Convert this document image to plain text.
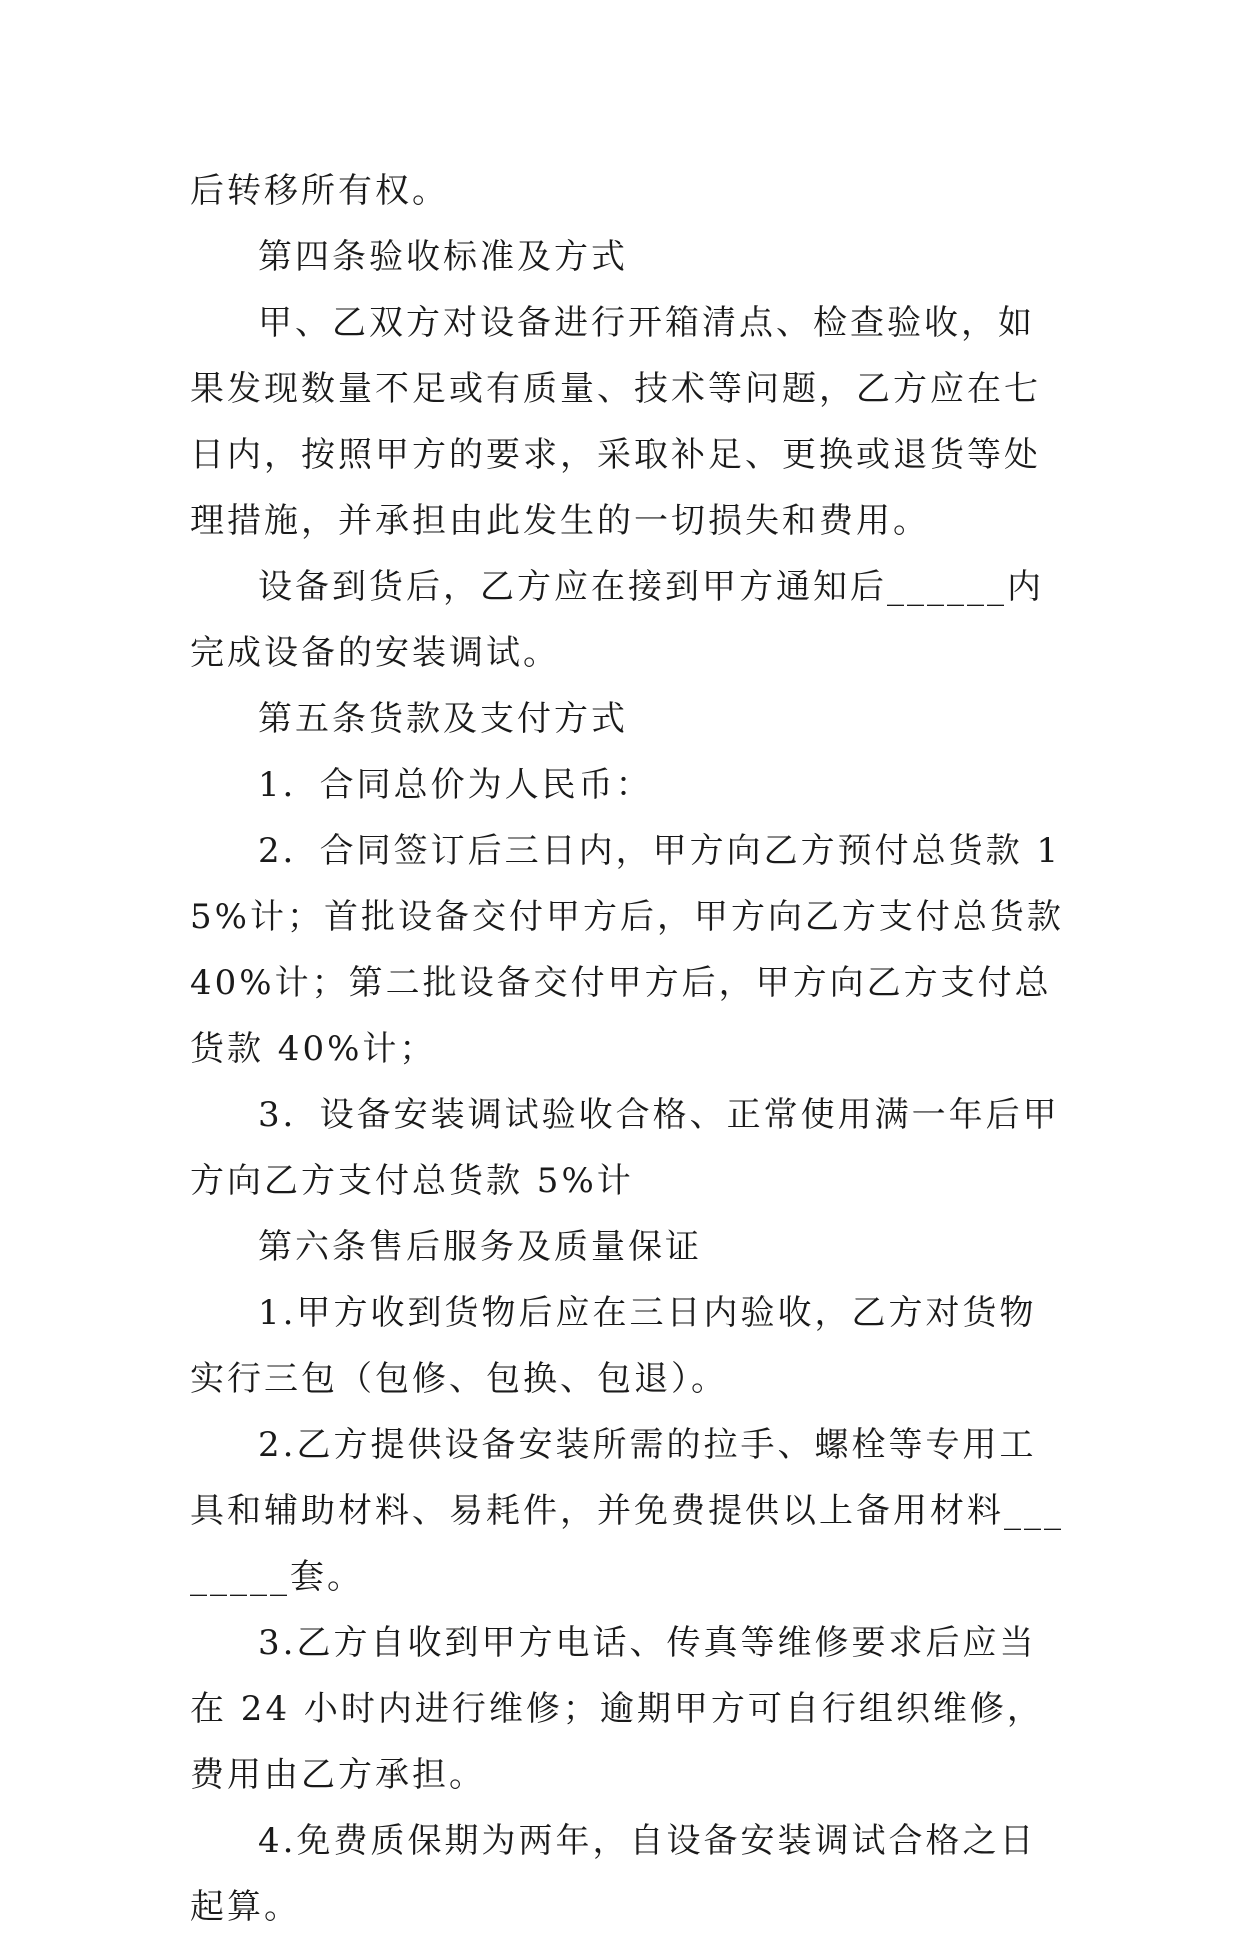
后转移所有权。

第四条验收标准及方式

甲、乙双方对设备进行开箱清点、检查验收，如果发现数量不足或有质量、技术等问题，乙方应在七日内，按照甲方的要求，采取补足、更换或退货等处理措施，并承担由此发生的一切损失和费用。

设备到货后，乙方应在接到甲方通知后______内完成设备的安装调试。

第五条货款及支付方式

1．合同总价为人民币：

2．合同签订后三日内，甲方向乙方预付总货款 15%计；首批设备交付甲方后，甲方向乙方支付总货款 40%计；第二批设备交付甲方后，甲方向乙方支付总货款 40%计；

3．设备安装调试验收合格、正常使用满一年后甲方向乙方支付总货款 5%计

第六条售后服务及质量保证

1.甲方收到货物后应在三日内验收，乙方对货物实行三包（包修、包换、包退）。

2.乙方提供设备安装所需的拉手、螺栓等专用工具和辅助材料、易耗件，并免费提供以上备用材料________套。

3.乙方自收到甲方电话、传真等维修要求后应当在 24 小时内进行维修；逾期甲方可自行组织维修，费用由乙方承担。

4.免费质保期为两年，自设备安装调试合格之日起算。
